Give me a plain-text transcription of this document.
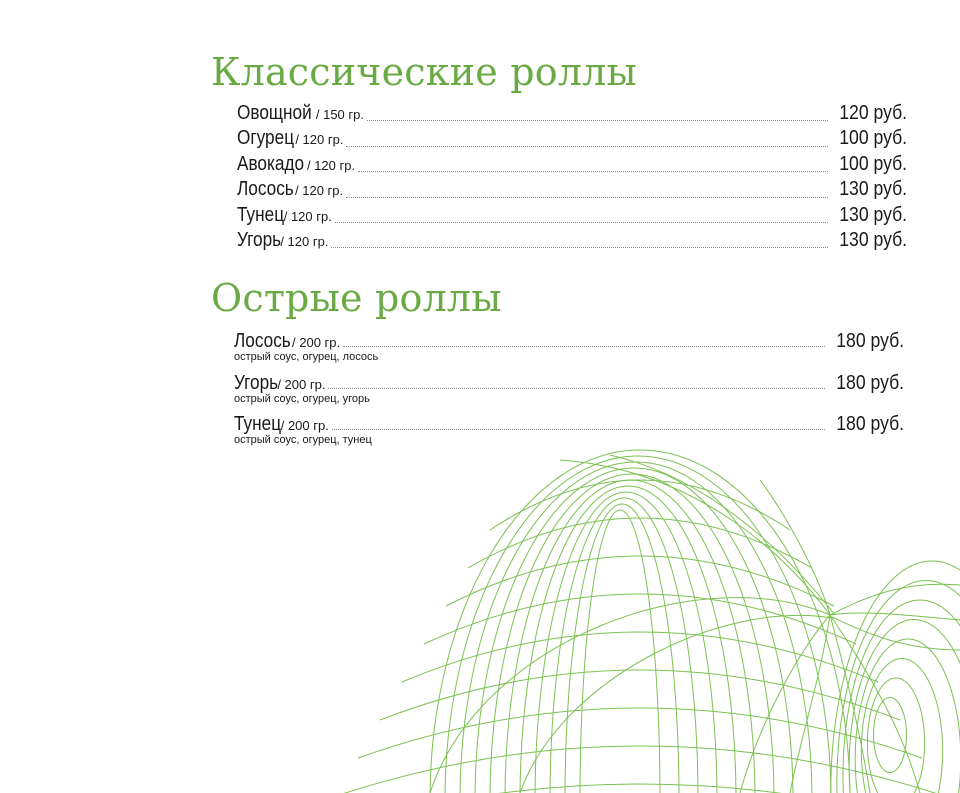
Классические роллы
Овощной / 150 гр.	120 руб.
Огурец / 120 гр.	100 руб.
Авокадо / 120 гр.	100 руб.
Лосось / 120 гр.	130 руб.
Тунец / 120 гр.	130 руб.
Угорь / 120 гр.	130 руб.
Острые роллы
Лосось / 200 гр.	180 руб.
острый соус, огурец, лосось
Угорь / 200 гр.	180 руб.
острый соус, огурец, угорь
Тунец / 200 гр.	180 руб.
острый соус, огурец, тунец
